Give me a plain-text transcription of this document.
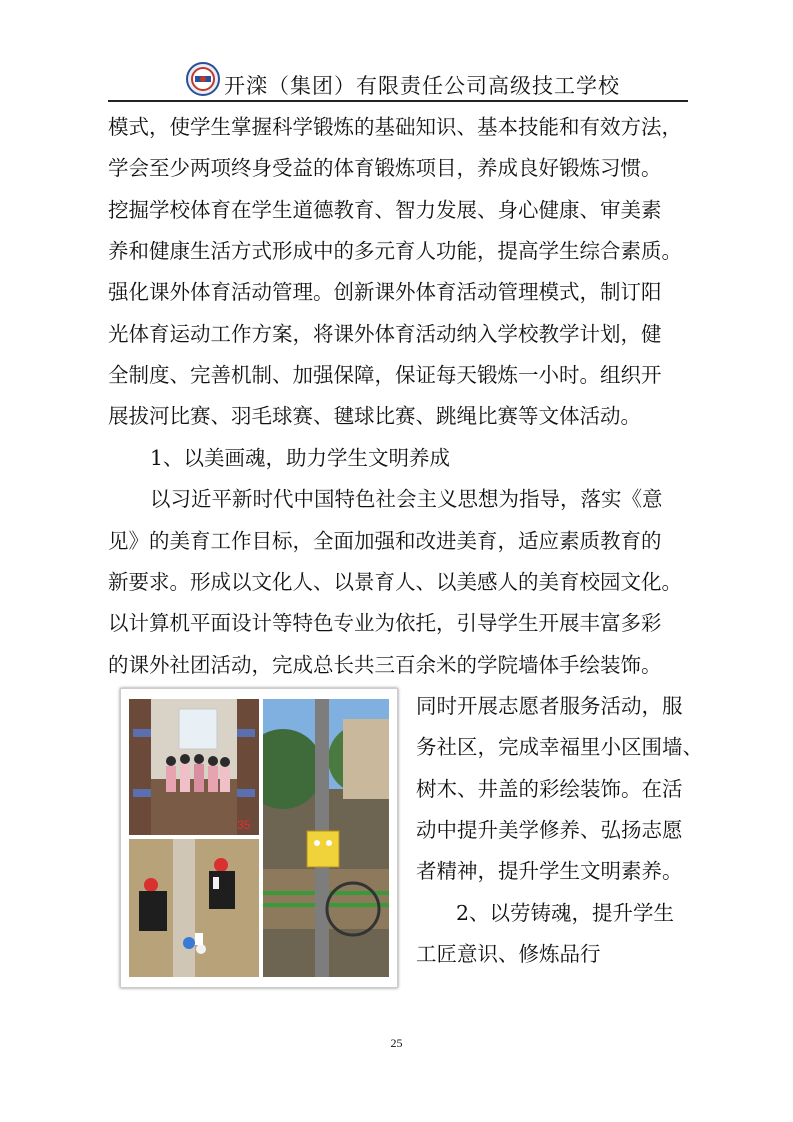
开滦（集团）有限责任公司高级技工学校
模式，使学生掌握科学锻炼的基础知识、基本技能和有效方法，
学会至少两项终身受益的体育锻炼项目，养成良好锻炼习惯。
挖掘学校体育在学生道德教育、智力发展、身心健康、审美素
养和健康生活方式形成中的多元育人功能，提高学生综合素质。
强化课外体育活动管理。创新课外体育活动管理模式，制订阳
光体育运动工作方案，将课外体育活动纳入学校教学计划，健
全制度、完善机制、加强保障，保证每天锻炼一小时。组织开
展拔河比赛、羽毛球赛、毽球比赛、跳绳比赛等文体活动。
1、以美画魂，助力学生文明养成
以习近平新时代中国特色社会主义思想为指导，落实《意
见》的美育工作目标，全面加强和改进美育，适应素质教育的
新要求。形成以文化人、以景育人、以美感人的美育校园文化。
以计算机平面设计等特色专业为依托，引导学生开展丰富多彩
的课外社团活动，完成总长共三百余米的学院墙体手绘装饰。
同时开展志愿者服务活动，服
务社区，完成幸福里小区围墙、
树木、井盖的彩绘装饰。在活
动中提升美学修养、弘扬志愿
者精神，提升学生文明素养。
2、以劳铸魂，提升学生
工匠意识、修炼品行
35
25
